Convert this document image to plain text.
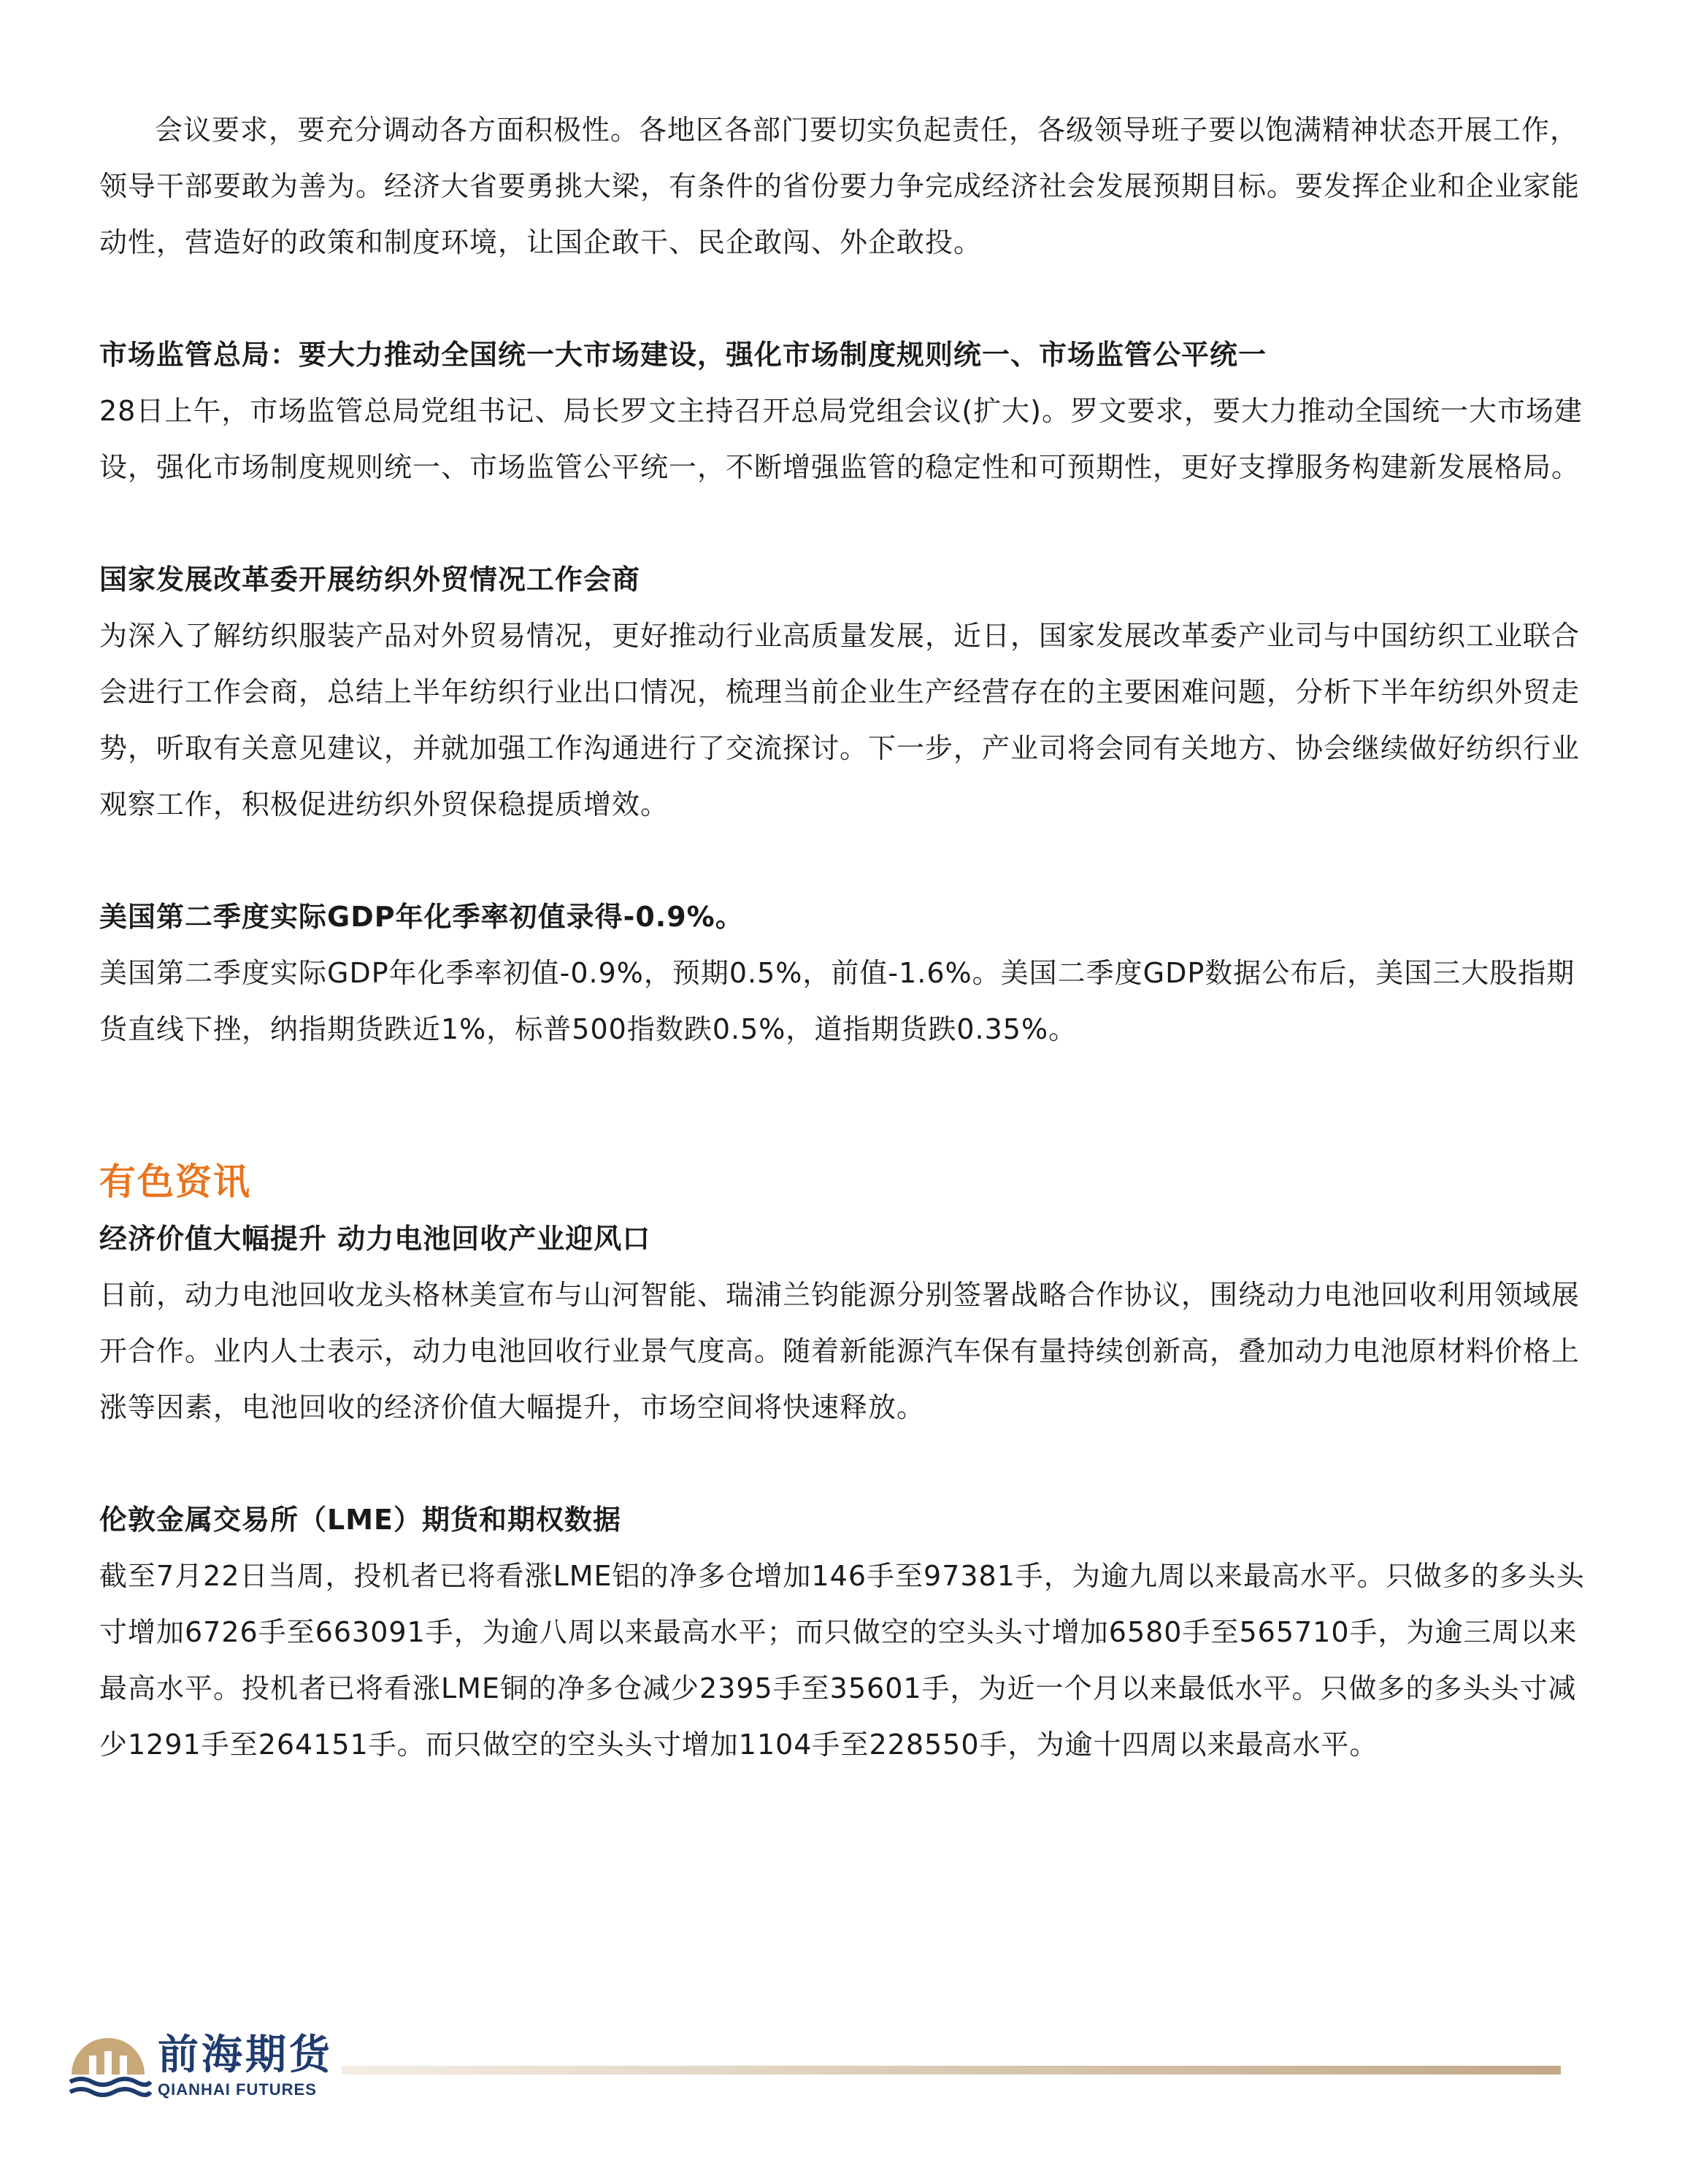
会议要求，要充分调动各方面积极性。各地区各部门要切实负起责任，各级领导班子要以饱满精神状态开展工作，领导干部要敢为善为。经济大省要勇挑大梁，有条件的省份要力争完成经济社会发展预期目标。要发挥企业和企业家能动性，营造好的政策和制度环境，让国企敢干、民企敢闯、外企敢投。

市场监管总局：要大力推动全国统一大市场建设，强化市场制度规则统一、市场监管公平统一

28日上午，市场监管总局党组书记、局长罗文主持召开总局党组会议(扩大)。罗文要求，要大力推动全国统一大市场建设，强化市场制度规则统一、市场监管公平统一，不断增强监管的稳定性和可预期性，更好支撑服务构建新发展格局。

国家发展改革委开展纺织外贸情况工作会商

为深入了解纺织服装产品对外贸易情况，更好推动行业高质量发展，近日，国家发展改革委产业司与中国纺织工业联合会进行工作会商，总结上半年纺织行业出口情况，梳理当前企业生产经营存在的主要困难问题，分析下半年纺织外贸走势，听取有关意见建议，并就加强工作沟通进行了交流探讨。下一步，产业司将会同有关地方、协会继续做好纺织行业观察工作，积极促进纺织外贸保稳提质增效。

美国第二季度实际GDP年化季率初值录得-0.9%。

美国第二季度实际GDP年化季率初值-0.9%，预期0.5%，前值-1.6%。美国二季度GDP数据公布后，美国三大股指期货直线下挫，纳指期货跌近1%，标普500指数跌0.5%，道指期货跌0.35%。

有色资讯

经济价值大幅提升 动力电池回收产业迎风口

日前，动力电池回收龙头格林美宣布与山河智能、瑞浦兰钧能源分别签署战略合作协议，围绕动力电池回收利用领域展开合作。业内人士表示，动力电池回收行业景气度高。随着新能源汽车保有量持续创新高，叠加动力电池原材料价格上涨等因素，电池回收的经济价值大幅提升，市场空间将快速释放。

伦敦金属交易所（LME）期货和期权数据

截至7月22日当周，投机者已将看涨LME铝的净多仓增加146手至97381手，为逾九周以来最高水平。只做多的多头头寸增加6726手至663091手，为逾八周以来最高水平；而只做空的空头头寸增加6580手至565710手，为逾三周以来最高水平。投机者已将看涨LME铜的净多仓减少2395手至35601手，为近一个月以来最低水平。只做多的多头头寸减少1291手至264151手。而只做空的空头头寸增加1104手至228550手，为逾十四周以来最高水平。

前海期货
QIANHAI FUTURES
